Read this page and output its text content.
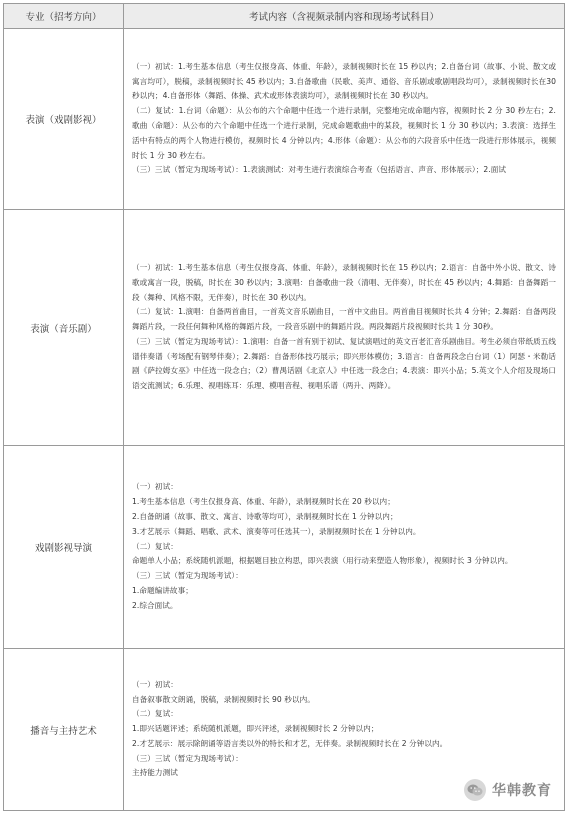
专业（招考方向）	考试内容（含视频录制内容和现场考试科目）
表演（戏剧影视）

（一）初试：1.考生基本信息（考生仅报身高、体重、年龄），录制视频时长在 15 秒以内；2.自备台词（故事、小说、散文或寓言均可），脱稿，录制视频时长 45 秒以内；3.自备歌曲（民歌、美声、通俗、音乐剧或歌剧唱段均可），录制视频时长在30秒以内；4.自备形体（舞蹈、体操、武术或形体表演均可），录制视频时长在 30 秒以内。

（二）复试：1.台词（命题）：从公布的六个命题中任选一个进行录制，完整地完成命题内容，视频时长 2 分 30 秒左右；2.歌曲（命题）：从公布的六个命题中任选一个进行录制，完成命题歌曲中的某段，视频时长 1 分 30 秒以内；3.表演：选择生活中有特点的两个人物进行模仿，视频时长 4 分钟以内；4.形体（命题）：从公布的六段音乐中任选一段进行形体展示，视频时长 1 分 30 秒左右。

（三）三试（暂定为现场考试）：1.表演测试：对考生进行表演综合考查（包括语言、声音、形体展示）；2.面试

表演（音乐剧）

（一）初试：1.考生基本信息（考生仅报身高、体重、年龄），录制视频时长在 15 秒以内；2.语言：自备中外小说、散文、诗歌或寓言一段，脱稿，时长在 30 秒以内；3.演唱：自备歌曲一段（清唱、无伴奏），时长在 45 秒以内；4.舞蹈：自备舞蹈一段（舞种、风格不限，无伴奏），时长在 30 秒以内。

（二）复试：1.演唱：自备两首曲目，一首英文音乐剧曲目，一首中文曲目。两首曲目视频时长共 4 分钟；2.舞蹈：自备两段舞蹈片段，一段任何舞种风格的舞蹈片段，一段音乐剧中的舞蹈片段。两段舞蹈片段视频时长共 1 分 30秒。

（三）三试（暂定为现场考试）：1.演唱：自备一首有别于初试、复试演唱过的英文百老汇音乐剧曲目。考生必须自带纸质五线谱伴奏谱（考场配有钢琴伴奏）；2.舞蹈：自备形体技巧展示；即兴形体模仿；3.语言：自备两段念白台词（1）阿瑟・米勒话剧《萨拉姆女巫》中任选一段念白；（2）曹禺话剧《北京人》中任选一段念白；4.表演：即兴小品；5.英文个人介绍及现场口语交流测试；6.乐理、视唱练耳：乐理、模唱音程、视唱乐谱（两升、两降）。

戏剧影视导演

（一）初试：

1.考生基本信息（考生仅报身高、体重、年龄），录制视频时长在 20 秒以内；

2.自备朗诵（故事、散文、寓言、诗歌等均可），录制视频时长在 1 分钟以内；

3.才艺展示（舞蹈、唱歌、武术、演奏等可任选其一），录制视频时长在 1 分钟以内。

（二）复试：

命题单人小品；系统随机派题，根据题目独立构思，即兴表演（用行动来塑造人物形象），视频时长 3 分钟以内。

（三）三试（暂定为现场考试）：

1.命题编讲故事；

2.综合面试。

播音与主持艺术

（一）初试：

自备叙事散文朗诵，脱稿，录制视频时长 90 秒以内。

（二）复试：

1.即兴话题评述；系统随机派题，即兴评述，录制视频时长 2 分钟以内；

2.才艺展示：展示除朗诵等语言类以外的特长和才艺，无伴奏。录制视频时长在 2 分钟以内。

（三）三试（暂定为现场考试）：

主持能力测试

华韩教育
